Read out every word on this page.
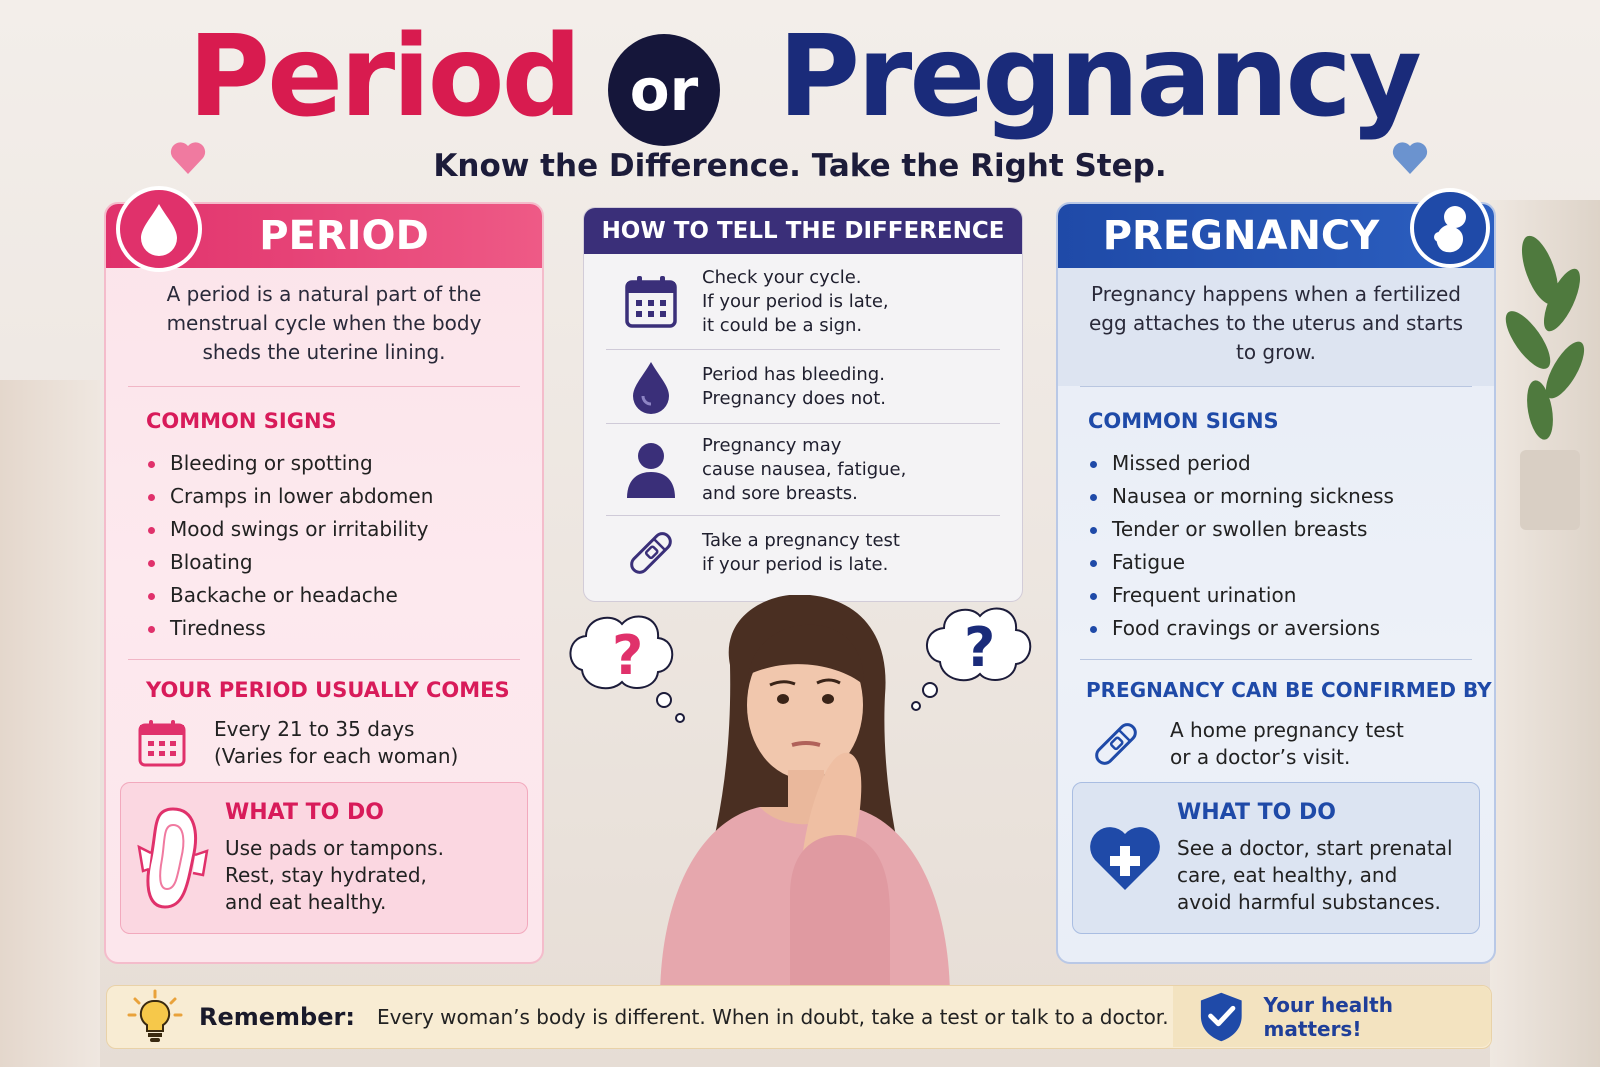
Period or Pregnancy
Know the Difference. Take the Right Step.
PERIOD
A period is a natural part of the menstrual cycle when the body sheds the uterine lining.
COMMON SIGNS
Bleeding or spotting
Cramps in lower abdomen
Mood swings or irritability
Bloating
Backache or headache
Tiredness
YOUR PERIOD USUALLY COMES
Every 21 to 35 days
(Varies for each woman)
WHAT TO DO
Use pads or tampons.
Rest, stay hydrated,
and eat healthy.
PREGNANCY
Pregnancy happens when a fertilized egg attaches to the uterus and starts to grow.
COMMON SIGNS
Missed period
Nausea or morning sickness
Tender or swollen breasts
Fatigue
Frequent urination
Food cravings or aversions
PREGNANCY CAN BE CONFIRMED BY
A home pregnancy test
or a doctor’s visit.
WHAT TO DO
See a doctor, start prenatal
care, eat healthy, and
avoid harmful substances.
HOW TO TELL THE DIFFERENCE
Check your cycle.
If your period is late,
it could be a sign.
Period has bleeding.
Pregnancy does not.
Pregnancy may
cause nausea, fatigue,
and sore breasts.
Take a pregnancy test
if your period is late.
?	?
Remember: Every woman’s body is different. When in doubt, take a test or talk to a doctor.
Your health matters!
